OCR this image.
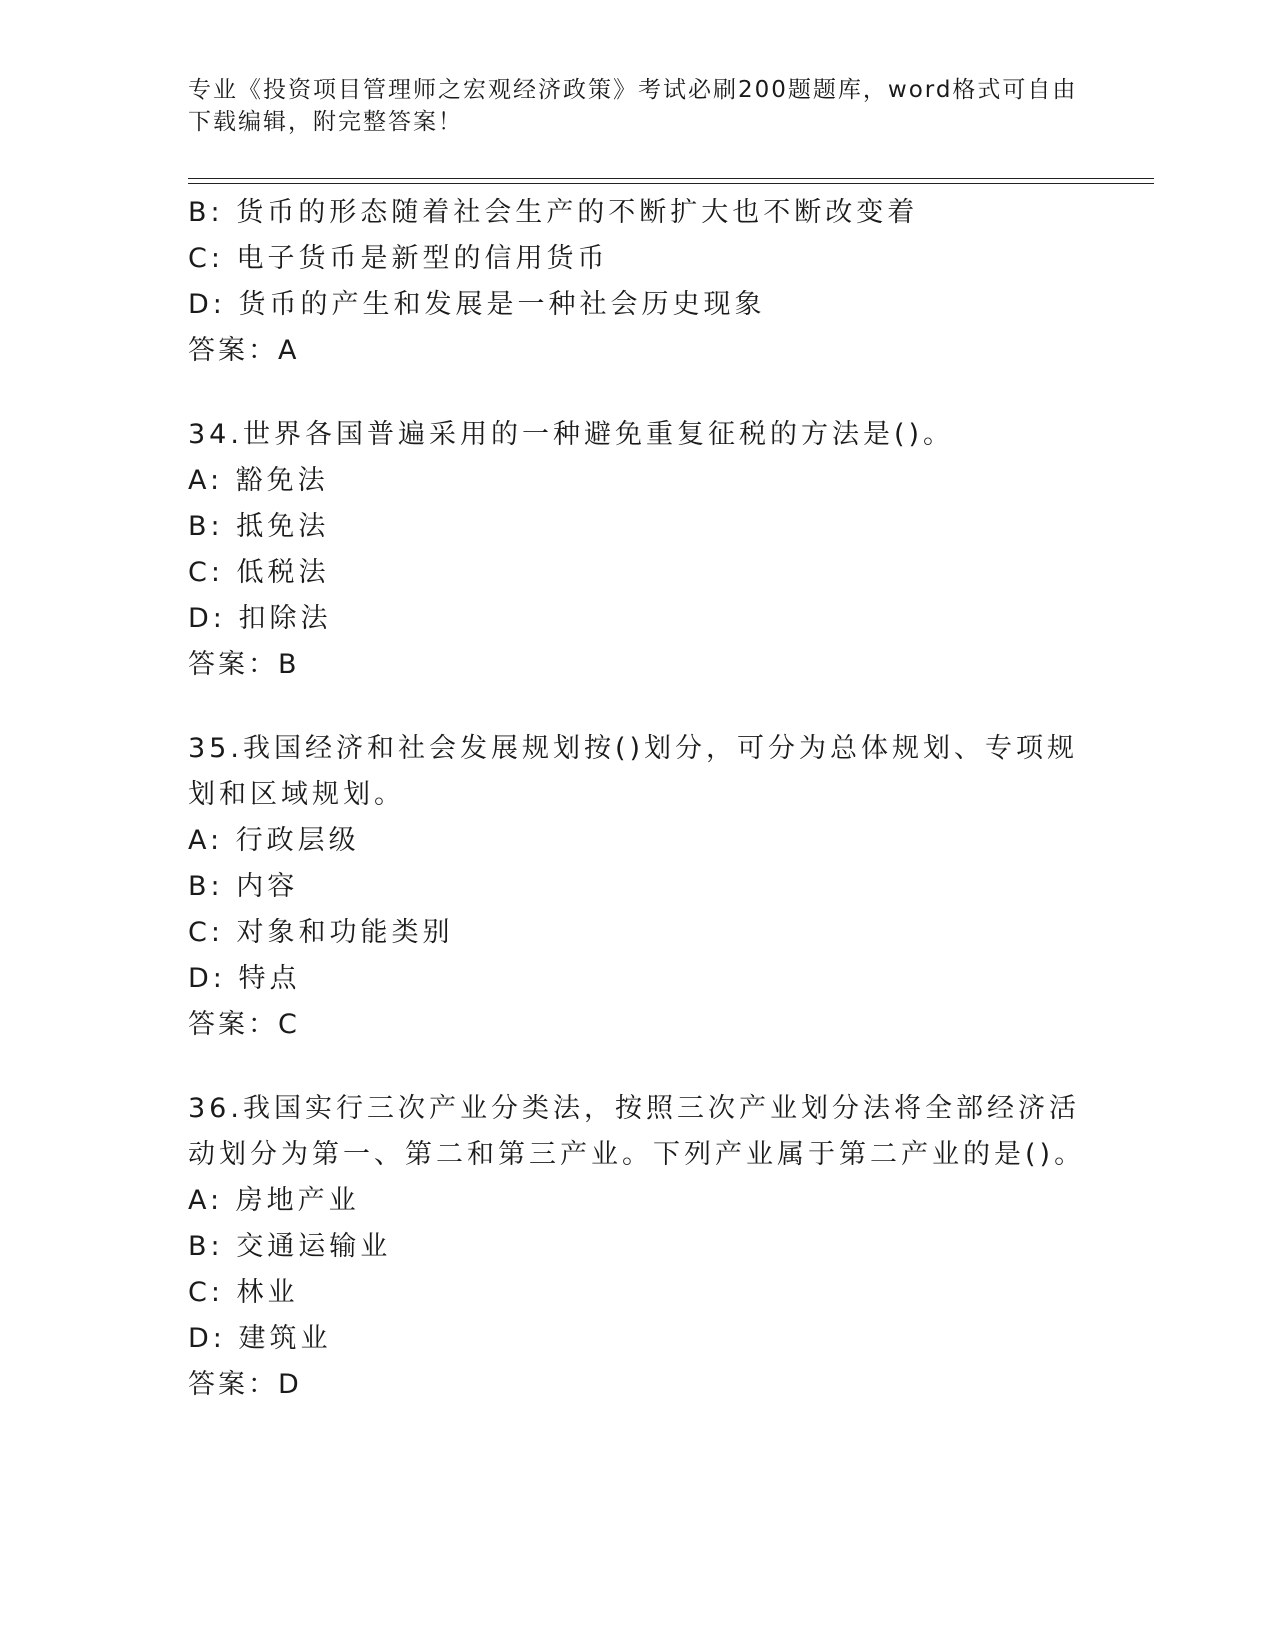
专业《投资项目管理师之宏观经济政策》考试必刷200题题库，word格式可自由
下载编辑，附完整答案！
B: 货币的形态随着社会生产的不断扩大也不断改变着
C: 电子货币是新型的信用货币
D: 货币的产生和发展是一种社会历史现象
答案：A
34.世界各国普遍采用的一种避免重复征税的方法是()。
A: 豁免法
B: 抵免法
C: 低税法
D: 扣除法
答案：B
35.我国经济和社会发展规划按()划分，可分为总体规划、专项规划和区域规划。
A: 行政层级
B: 内容
C: 对象和功能类别
D: 特点
答案：C
36.我国实行三次产业分类法，按照三次产业划分法将全部经济活动划分为第一、第二和第三产业。下列产业属于第二产业的是()。
A: 房地产业
B: 交通运输业
C: 林业
D: 建筑业
答案：D
